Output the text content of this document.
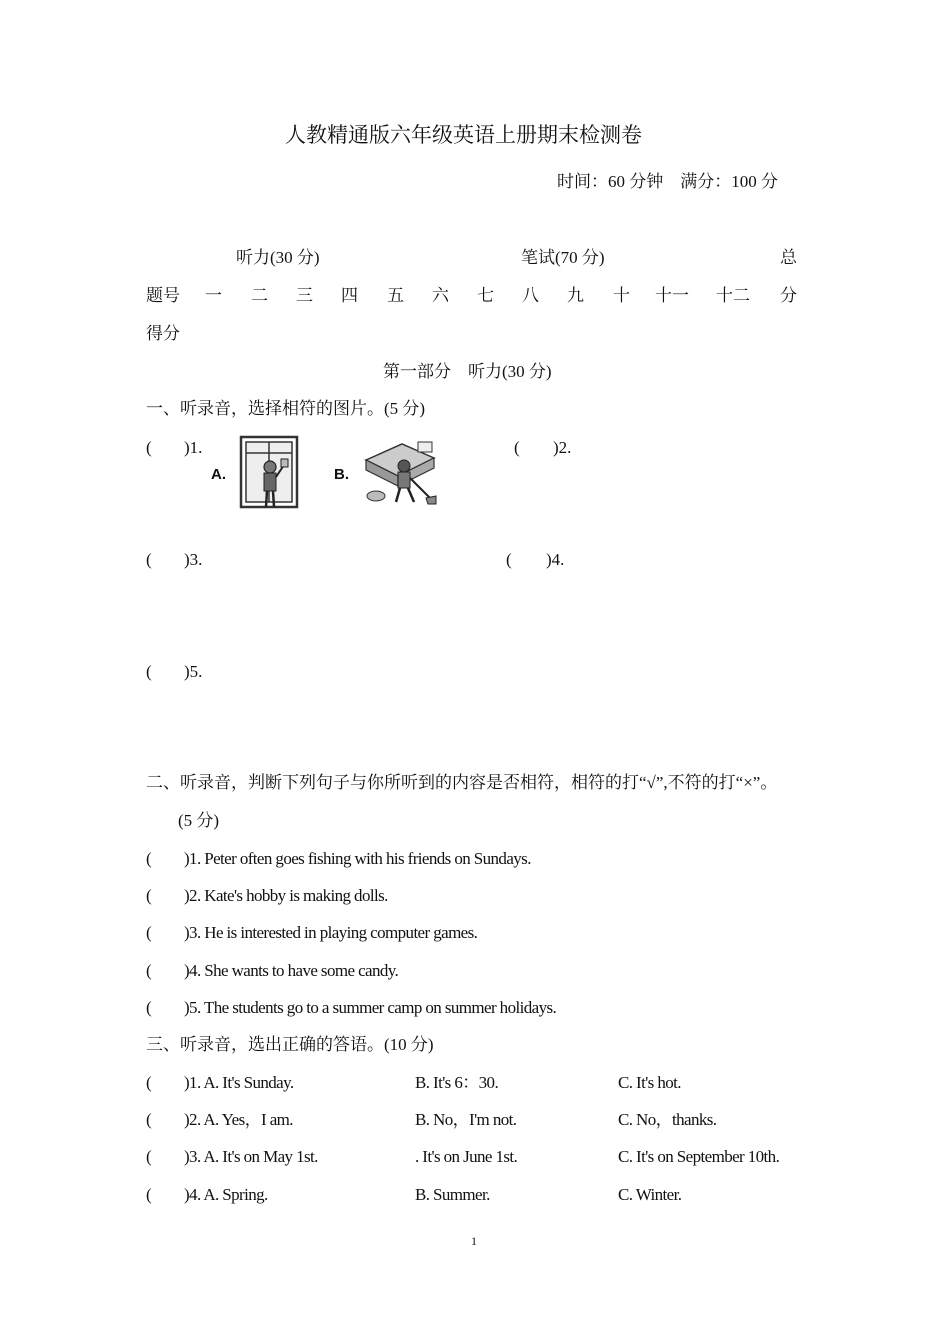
人教精通版六年级英语上册期末检测卷
时间：60 分钟　满分：100 分
听力(30 分)	笔试(70 分)	总
题号 一 二 三 四 五 六 七 八 九 十 十一 十二 分
得分
第一部分　听力(30 分)
一、听录音，选择相符的图片。(5 分)
( )1.
A.	B.
( )2.
( )3.	( )4.
( )5.
二、听录音，判断下列句子与你所听到的内容是否相符，相符的打“√”,不符的打“×”。
(5 分)
( )1. Peter often goes fishing with his friends on Sundays.
( )2. Kate's hobby is making dolls.
( )3. He is interested in playing computer games.
( )4. She wants to have some candy.
( )5. The students go to a summer camp on summer holidays.
三、听录音，选出正确的答语。(10 分)
( )1. A. It's Sunday.	B. It's 6：30.	C. It's hot.
( )2. A. Yes，I am.	B. No，I'm not.	C. No，thanks.
( )3. A. It's on May 1st.	. It's on June 1st.	C. It's on September 10th.
( )4. A. Spring.	B. Summer.	C. Winter.
1
